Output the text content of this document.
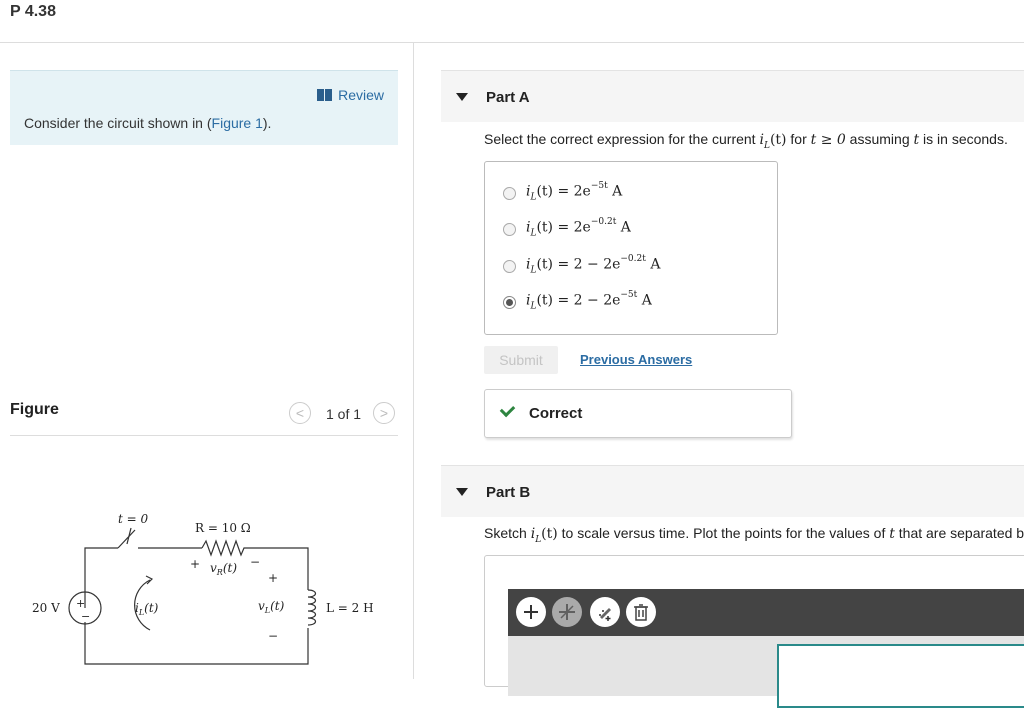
P 4.38
Review
Consider the circuit shown in (Figure 1).
Figure	<	1 of 1	>
+
−
20 V
t = 0
R = 10 Ω
+	−
$v_R(t)$
$i_L(t)$
+
$v_L(t)$
−
L = 2 H
Part A
Select the correct expression for the current $i_L(t)$ for t ≥ 0 assuming t is in seconds.
$i_L(t) = 2e^{-5t}$ A
$i_L(t) = 2e^{-0.2t}$ A
$i_L(t) = 2 - 2e^{-0.2t}$ A
$i_L(t) = 2 - 2e^{-5t}$ A
Submit	Previous Answers
Correct
Part B
Sketch $i_L(t)$ to scale versus time. Plot the points for the values of t that are separated b
